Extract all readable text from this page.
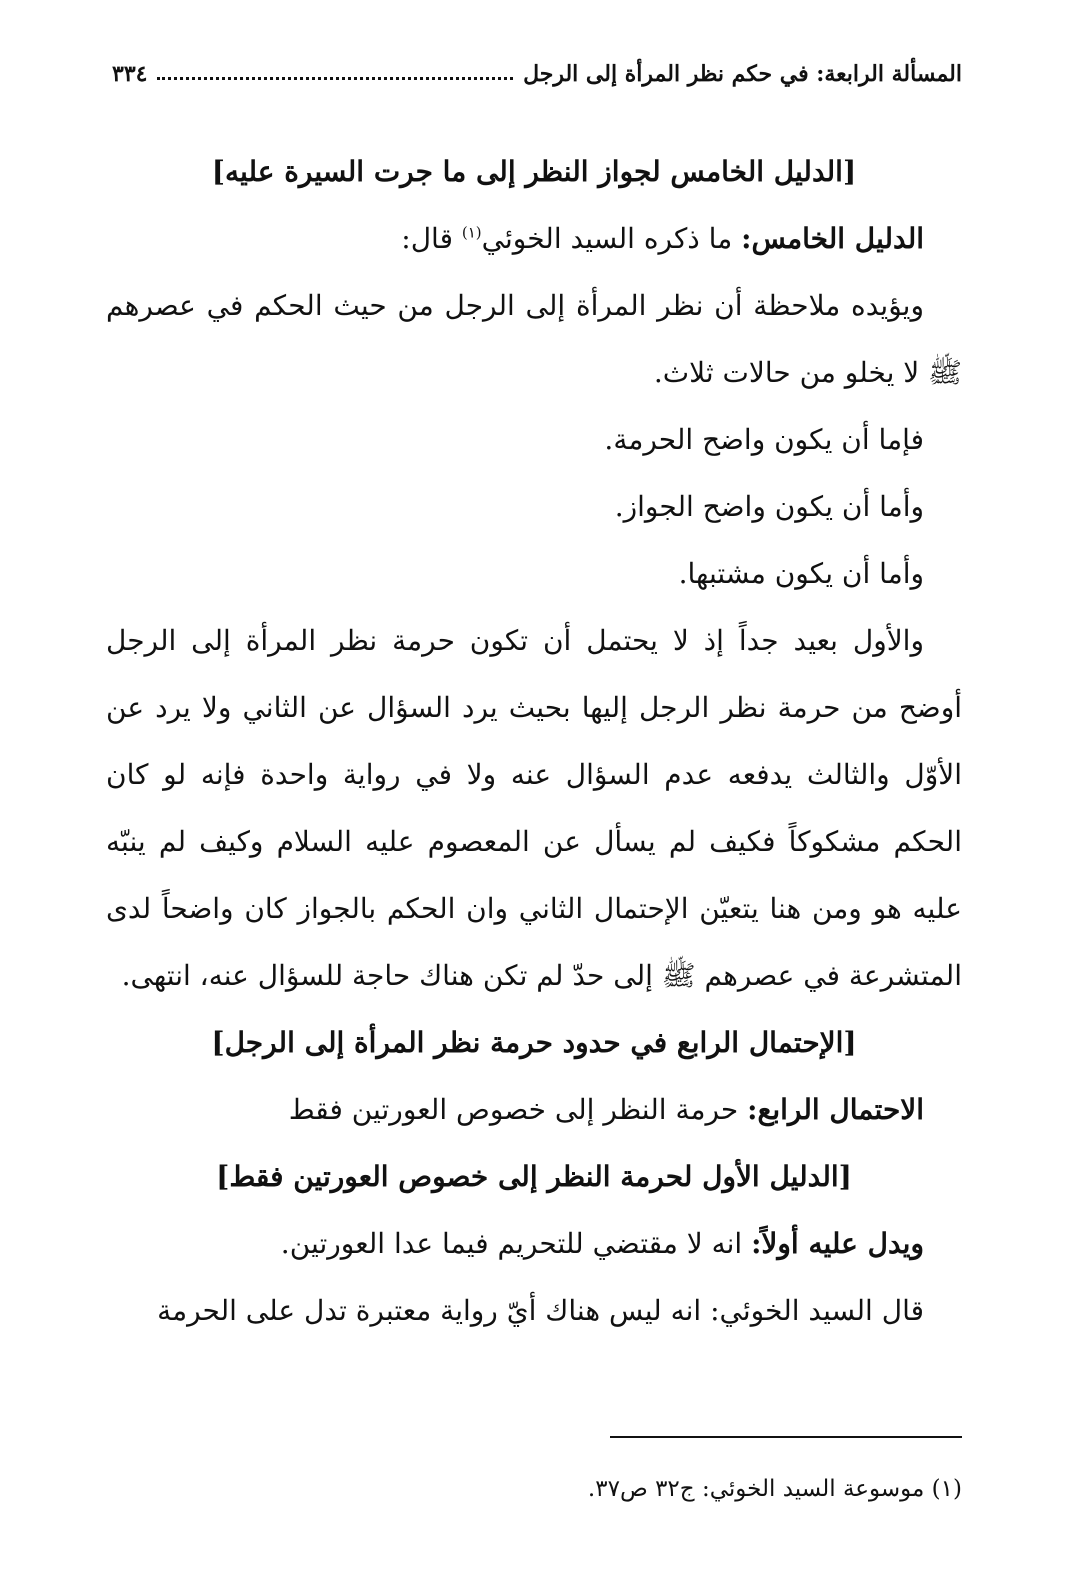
المسألة الرابعة: في حكم نظر المرأة إلى الرجل
٣٣٤

[الدليل الخامس لجواز النظر إلى ما جرت السيرة عليه]

الدليل الخامس: ما ذكره السيد الخوئي$^{(١)}$ قال:

ويؤيده ملاحظة أن نظر المرأة إلى الرجل من حيث الحكم في عصرهم ﷺ لا يخلو من حالات ثلاث.

فإما أن يكون واضح الحرمة.

وأما أن يكون واضح الجواز.

وأما أن يكون مشتبها.

والأول بعيد جداً إذ لا يحتمل أن تكون حرمة نظر المرأة إلى الرجل أوضح من حرمة نظر الرجل إليها بحيث يرد السؤال عن الثاني ولا يرد عن الأوّل والثالث يدفعه عدم السؤال عنه ولا في رواية واحدة فإنه لو كان الحكم مشكوكاً فكيف لم يسأل عن المعصوم عليه السلام وكيف لم ينبّه عليه هو ومن هنا يتعيّن الإحتمال الثاني وان الحكم بالجواز كان واضحاً لدى المتشرعة في عصرهم ﷺ إلى حدّ لم تكن هناك حاجة للسؤال عنه، انتهى.

[الإحتمال الرابع في حدود حرمة نظر المرأة إلى الرجل]

الاحتمال الرابع: حرمة النظر إلى خصوص العورتين فقط

[الدليل الأول لحرمة النظر إلى خصوص العورتين فقط]

ويدل عليه أولاً: انه لا مقتضي للتحريم فيما عدا العورتين.

قال السيد الخوئي: انه ليس هناك أيّ رواية معتبرة تدل على الحرمة

(١) موسوعة السيد الخوئي: ج٣٢ ص٣٧.
